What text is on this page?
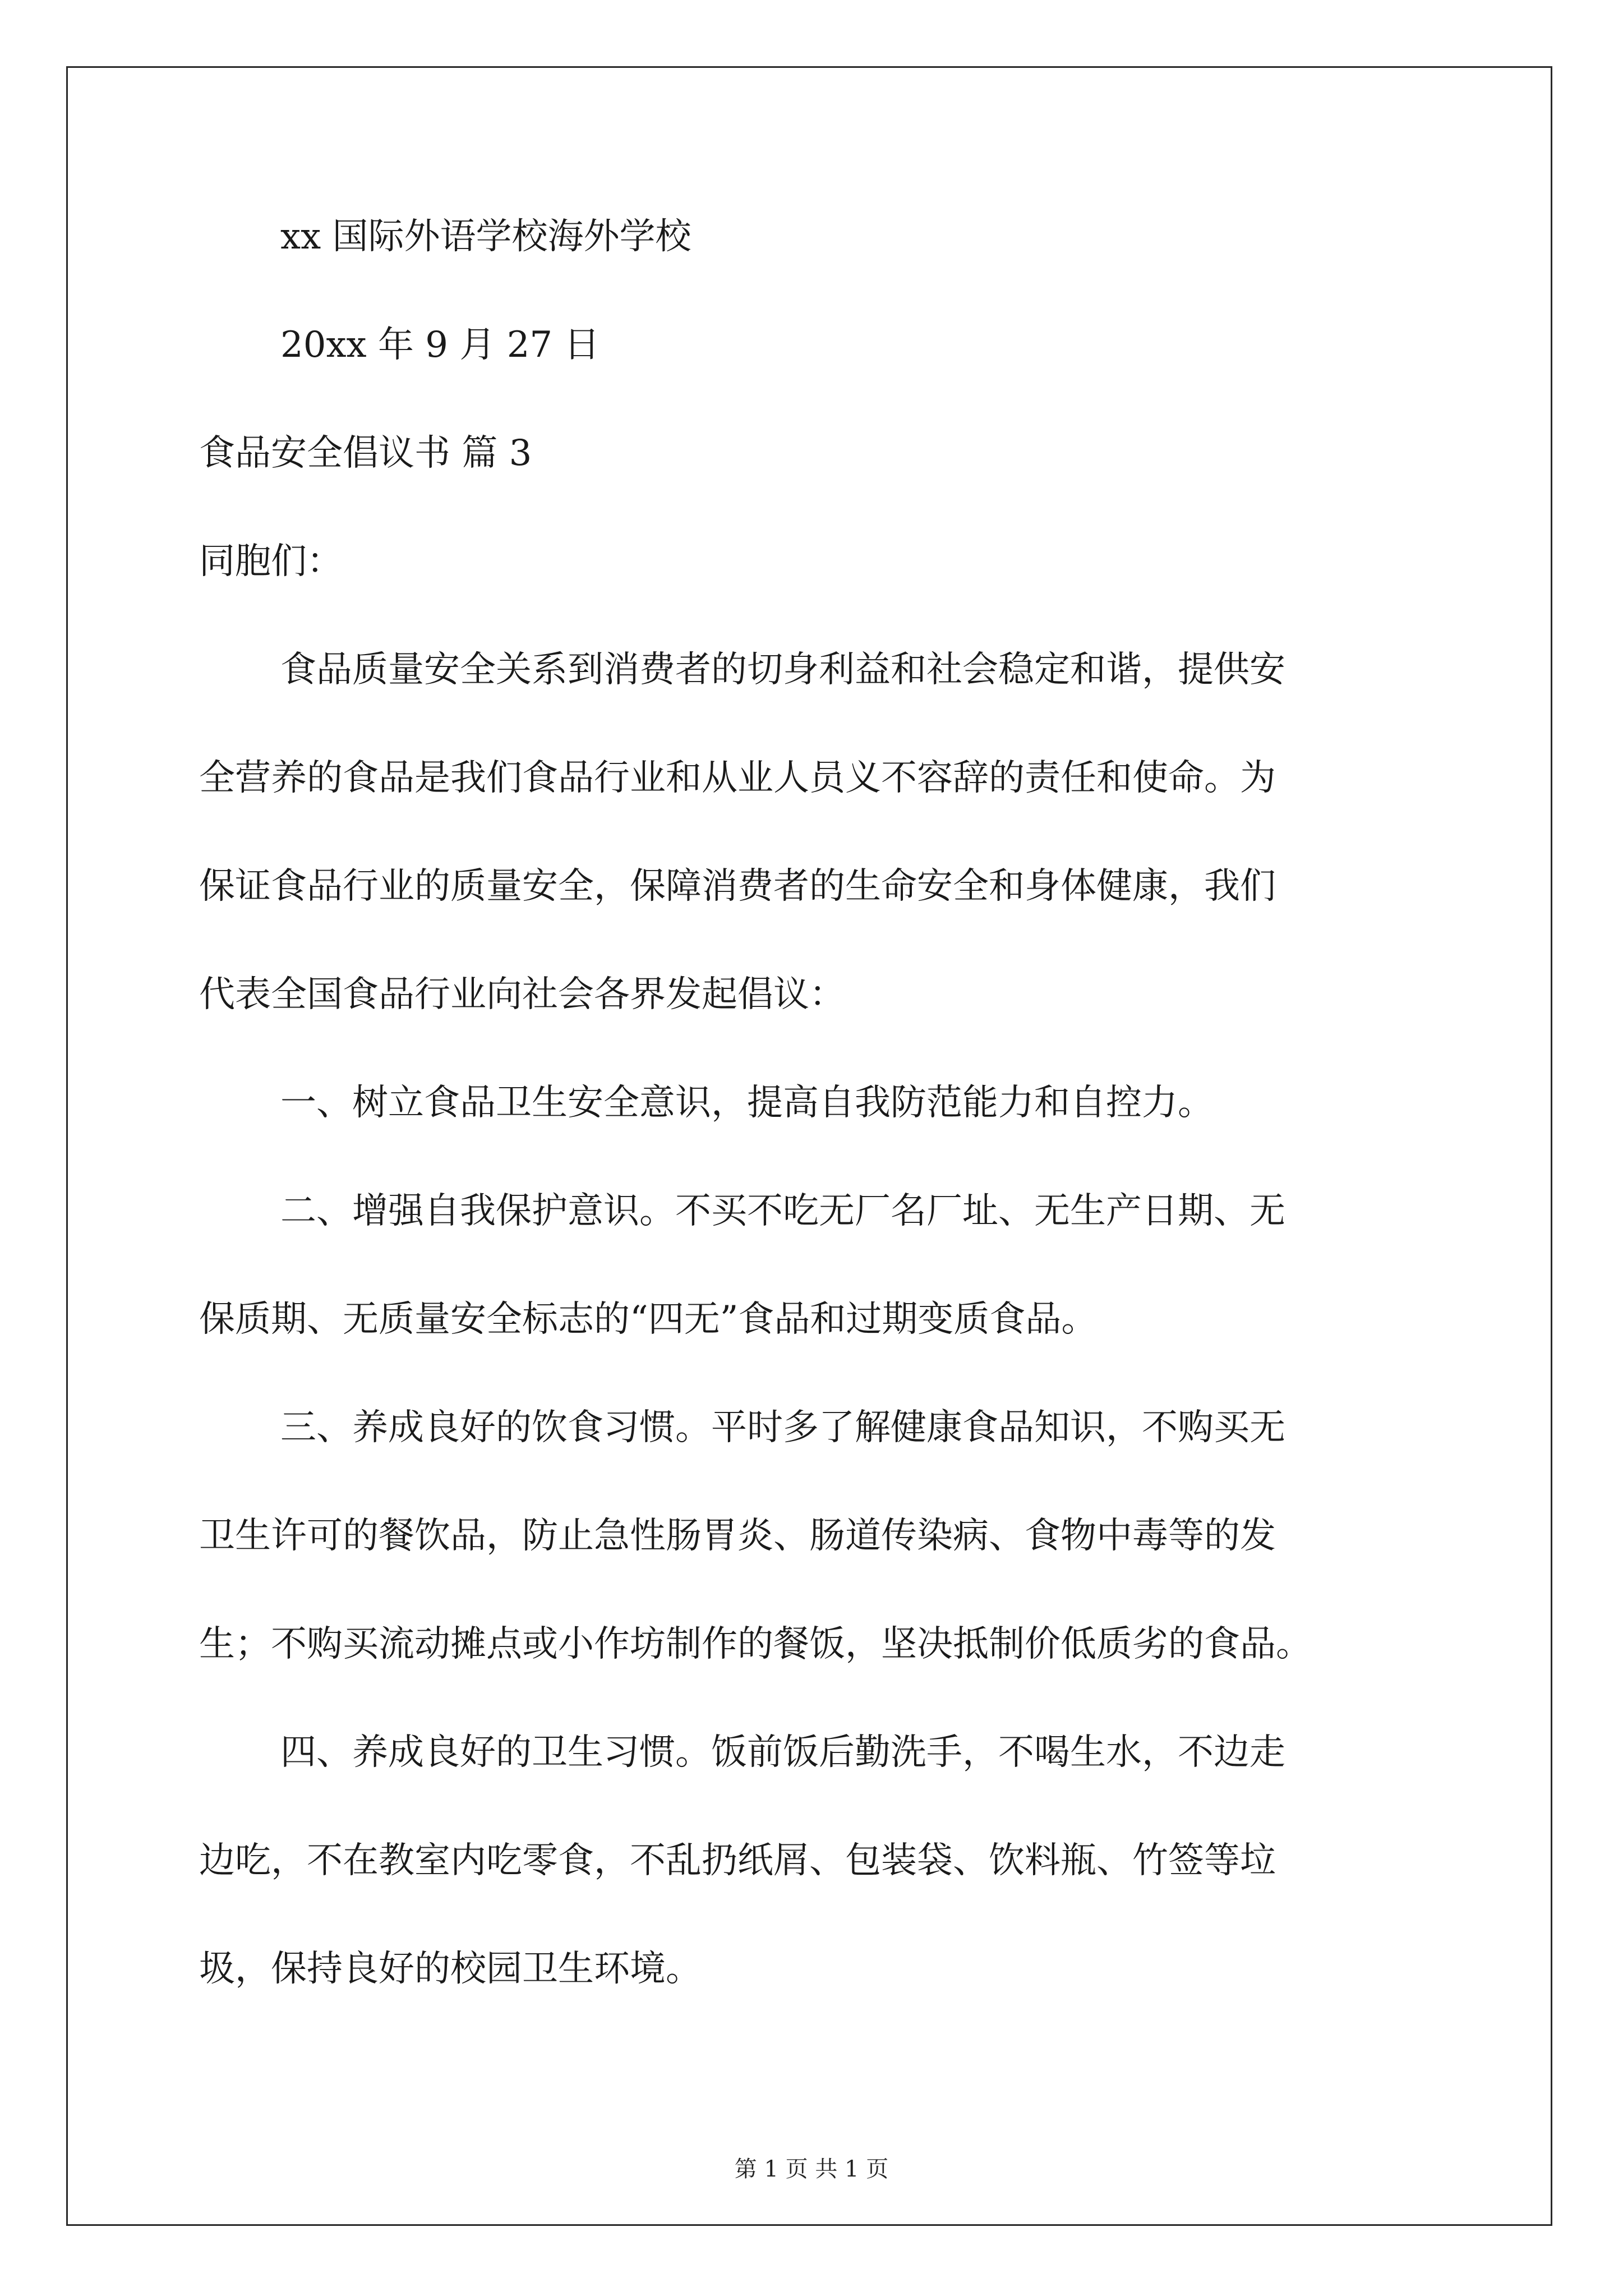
xx 国际外语学校海外学校
20xx 年 9 月 27 日
食品安全倡议书 篇 3
同胞们：
食品质量安全关系到消费者的切身利益和社会稳定和谐，提供安
全营养的食品是我们食品行业和从业人员义不容辞的责任和使命。为
保证食品行业的质量安全，保障消费者的生命安全和身体健康，我们
代表全国食品行业向社会各界发起倡议：
一、树立食品卫生安全意识，提高自我防范能力和自控力。
二、增强自我保护意识。不买不吃无厂名厂址、无生产日期、无
保质期、无质量安全标志的“四无”食品和过期变质食品。
三、养成良好的饮食习惯。平时多了解健康食品知识，不购买无
卫生许可的餐饮品，防止急性肠胃炎、肠道传染病、食物中毒等的发
生；不购买流动摊点或小作坊制作的餐饭，坚决抵制价低质劣的食品。
四、养成良好的卫生习惯。饭前饭后勤洗手，不喝生水，不边走
边吃，不在教室内吃零食，不乱扔纸屑、包装袋、饮料瓶、竹签等垃
圾，保持良好的校园卫生环境。
第 1 页 共 1 页
